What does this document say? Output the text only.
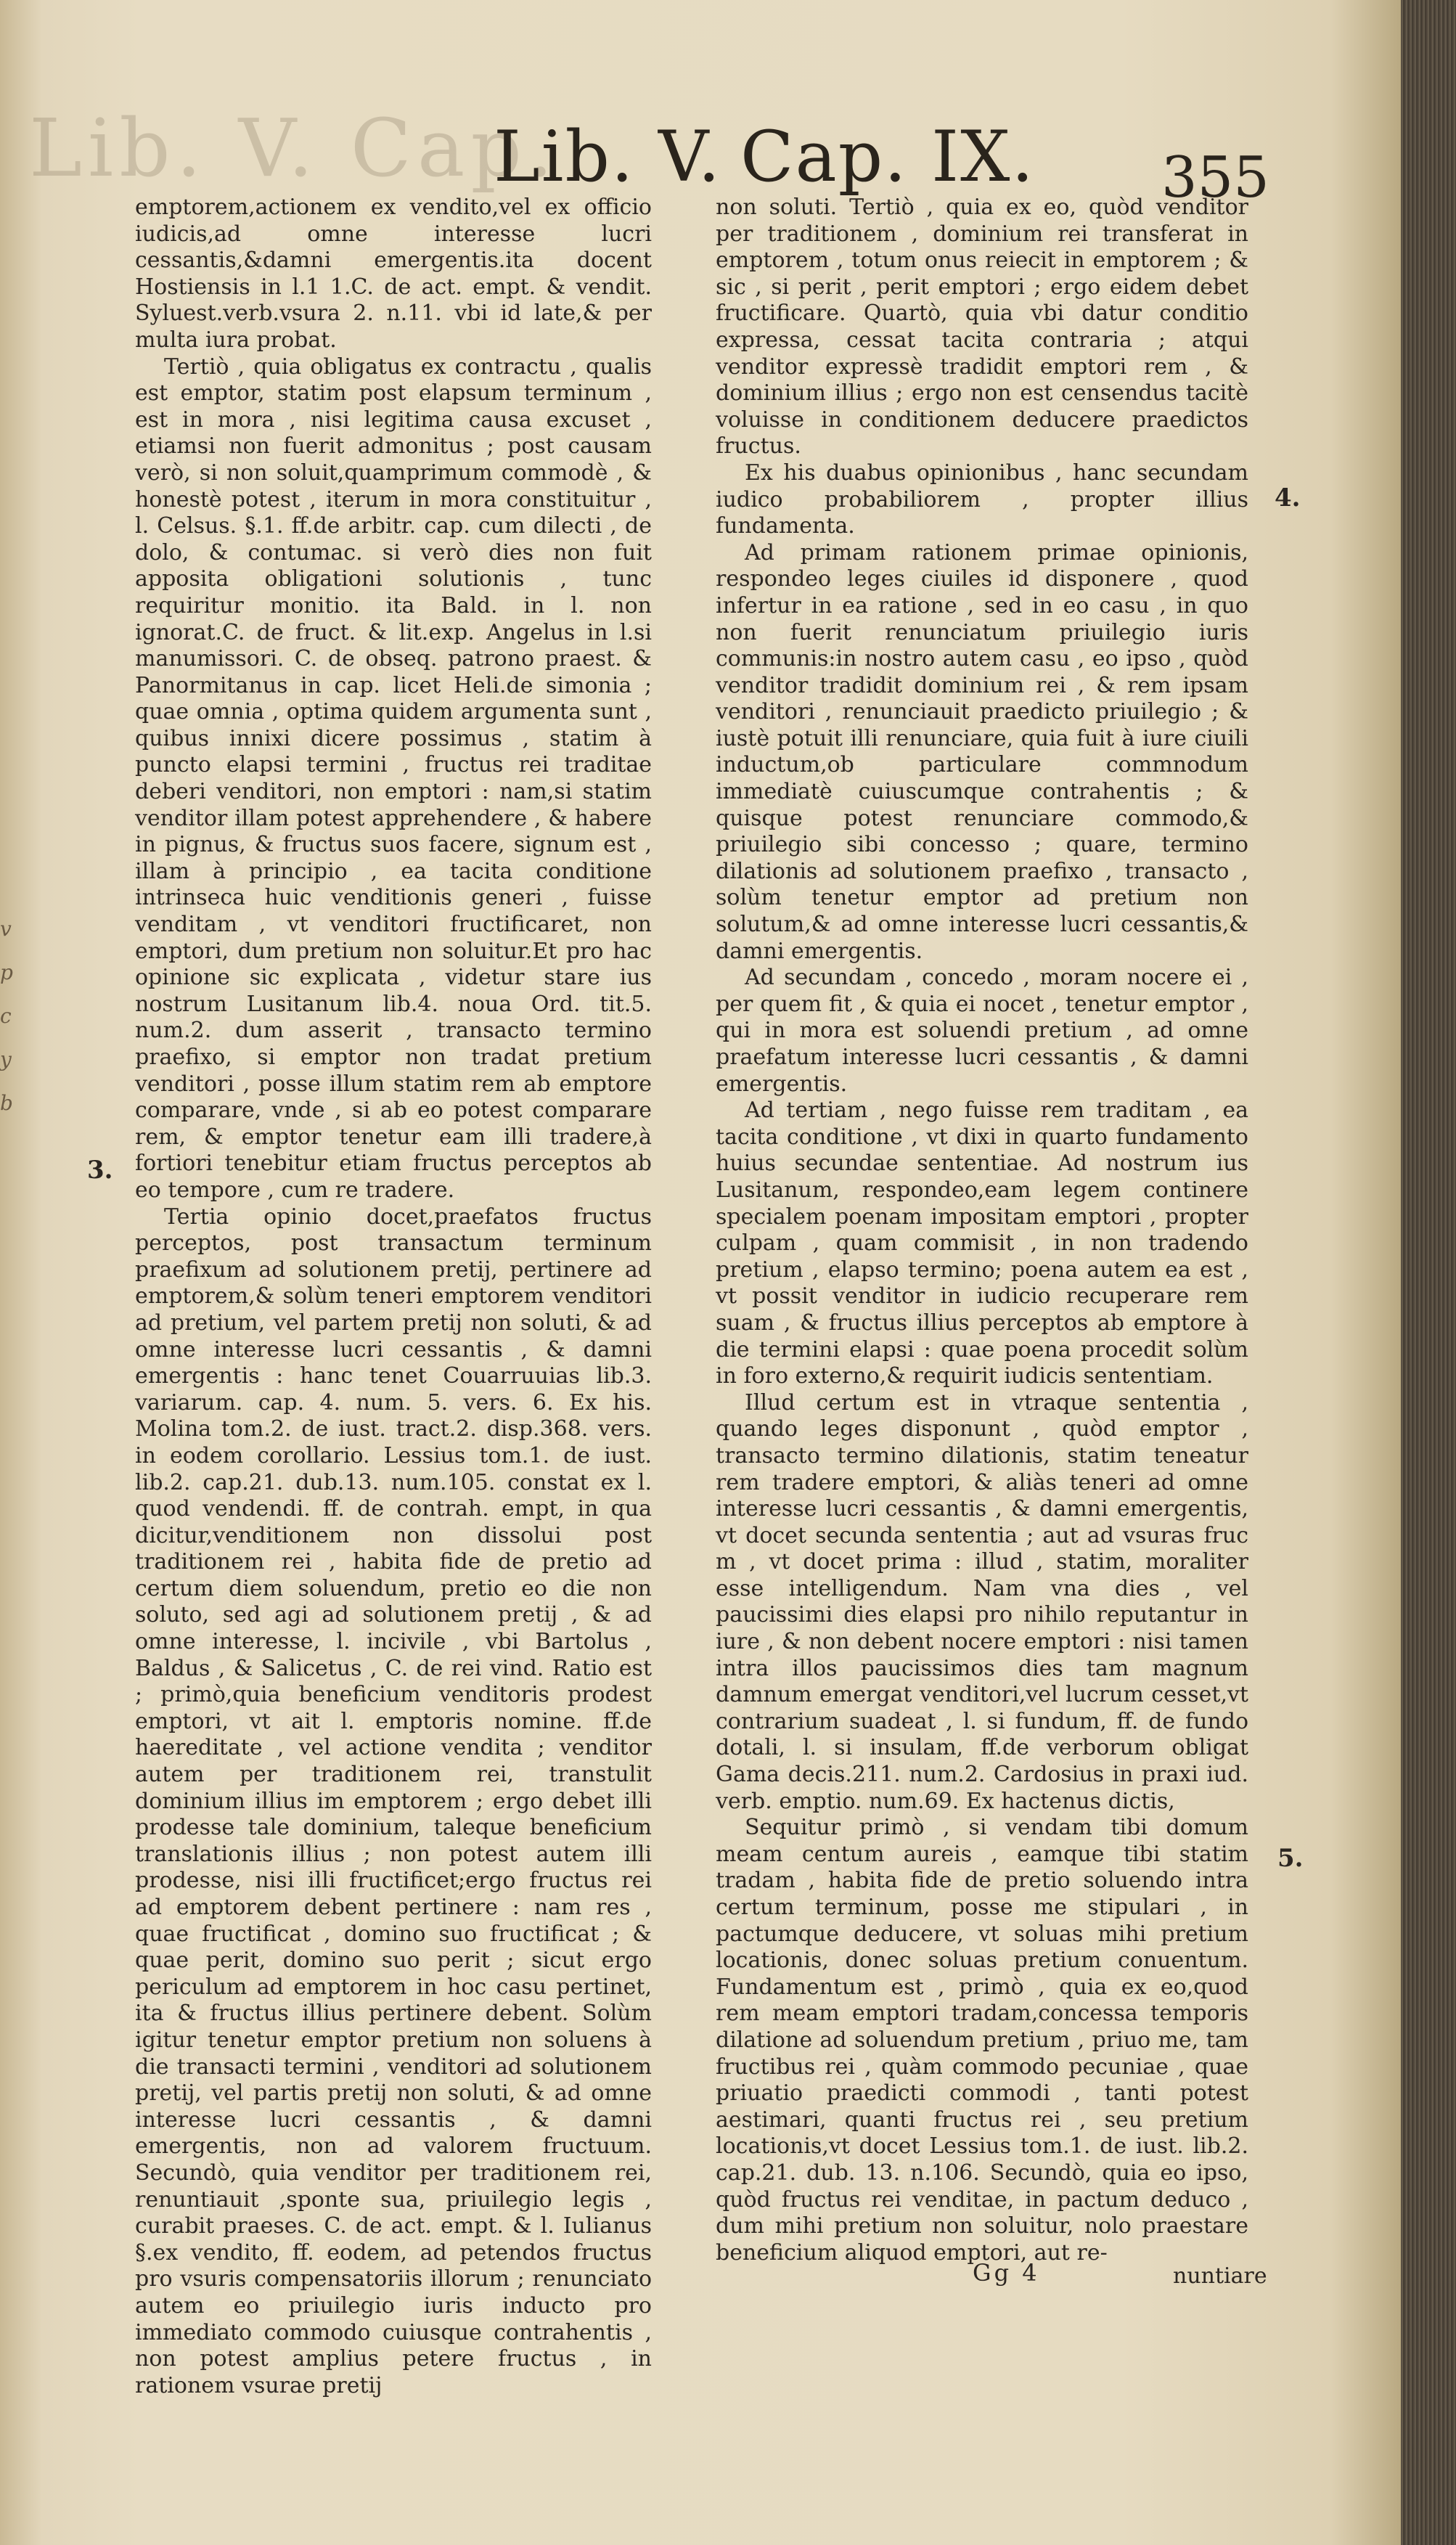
Lib. V. Cap.
v
p
c
y
b
Lib. V. Cap. IX. 355

emptorem,actionem ex vendito,vel ex officio iudicis,ad omne interesse lucri cessantis,&damni emergentis.ita docent Hostiensis in l.1 1.C. de act. empt. & vendit. Syluest.verb.vsura 2. n.11. vbi id late,& per multa iura probat.

Tertiò , quia obligatus ex contractu , qualis est emptor, statim post elapsum terminum , est in mora , nisi legitima causa excuset , etiamsi non fuerit admonitus ; post causam verò, si non soluit,quamprimum commodè , & honestè potest , iterum in mora constituitur , l. Celsus. §.1. ff.de arbitr. cap. cum dilecti , de dolo, & contumac. si verò dies non fuit apposita obligationi solutionis , tunc requiritur monitio. ita Bald. in l. non ignorat.C. de fruct. & lit.exp. Angelus in l.si manumissori. C. de obseq. patrono praest. & Panormitanus in cap. licet Heli.de simonia ; quae omnia , optima quidem argumenta sunt , quibus innixi dicere possimus , statim à puncto elapsi termini , fructus rei traditae deberi venditori, non emptori : nam,si statim venditor illam potest apprehendere , & habere in pignus, & fructus suos facere, signum est , illam à principio , ea tacita conditione intrinseca huic venditionis generi , fuisse venditam , vt venditori fructificaret, non emptori, dum pretium non soluitur.Et pro hac opinione sic explicata , videtur stare ius nostrum Lusitanum lib.4. noua Ord. tit.5. num.2. dum asserit , transacto termino praefixo, si emptor non tradat pretium venditori , posse illum statim rem ab emptore comparare, vnde , si ab eo potest comparare rem, & emptor tenetur eam illi tradere,à fortiori tenebitur etiam fructus perceptos ab eo tempore , cum re tradere.

Tertia opinio docet,praefatos fructus perceptos, post transactum terminum praefixum ad solutionem pretij, pertinere ad emptorem,& solùm teneri emptorem venditori ad pretium, vel partem pretij non soluti, & ad omne interesse lucri cessantis , & damni emergentis : hanc tenet Couarruuias lib.3. variarum. cap. 4. num. 5. vers. 6. Ex his. Molina tom.2. de iust. tract.2. disp.368. vers. in eodem corollario. Lessius tom.1. de iust. lib.2. cap.21. dub.13. num.105. constat ex l. quod vendendi. ff. de contrah. empt, in qua dicitur,venditionem non dissolui post traditionem rei , habita fide de pretio ad certum diem soluendum, pretio eo die non soluto, sed agi ad solutionem pretij , & ad omne interesse, l. incivile , vbi Bartolus , Baldus , & Salicetus , C. de rei vind. Ratio est ; primò,quia beneficium venditoris prodest emptori, vt ait l. emptoris nomine. ff.de haereditate , vel actione vendita ; venditor autem per traditionem rei, transtulit dominium illius im emptorem ; ergo debet illi prodesse tale dominium, taleque beneficium translationis illius ; non potest autem illi prodesse, nisi illi fructificet;ergo fructus rei ad emptorem debent pertinere : nam res , quae fructificat , domino suo fructificat ; & quae perit, domino suo perit ; sicut ergo periculum ad emptorem in hoc casu pertinet, ita & fructus illius pertinere debent. Solùm igitur tenetur emptor pretium non soluens à die transacti termini , venditori ad solutionem pretij, vel partis pretij non soluti, & ad omne interesse lucri cessantis , & damni emergentis, non ad valorem fructuum. Secundò, quia venditor per traditionem rei, renuntiauit ,sponte sua, priuilegio legis , curabit praeses. C. de act. empt. & l. Iulianus §.ex vendito, ff. eodem, ad petendos fructus pro vsuris compensatoriis illorum ; renunciato autem eo priuilegio iuris inducto pro immediato commodo cuiusque contrahentis , non potest amplius petere fructus , in rationem vsurae pretij

non soluti. Tertiò , quia ex eo, quòd venditor per traditionem , dominium rei transferat in emptorem , totum onus reiecit in emptorem ; & sic , si perit , perit emptori ; ergo eidem debet fructificare. Quartò, quia vbi datur conditio expressa, cessat tacita contraria ; atqui venditor expressè tradidit emptori rem , & dominium illius ; ergo non est censendus tacitè voluisse in conditionem deducere praedictos fructus.

Ex his duabus opinionibus , hanc secundam iudico probabiliorem , propter illius fundamenta.

Ad primam rationem primae opinionis, respondeo leges ciuiles id disponere , quod infertur in ea ratione , sed in eo casu , in quo non fuerit renunciatum priuilegio iuris communis:in nostro autem casu , eo ipso , quòd venditor tradidit dominium rei , & rem ipsam venditori , renunciauit praedicto priuilegio ; & iustè potuit illi renunciare, quia fuit à iure ciuili inductum,ob particulare commnodum immediatè cuiuscumque contrahentis ; & quisque potest renunciare commodo,& priuilegio sibi concesso ; quare, termino dilationis ad solutionem praefixo , transacto , solùm tenetur emptor ad pretium non solutum,& ad omne interesse lucri cessantis,& damni emergentis.

Ad secundam , concedo , moram nocere ei , per quem fit , & quia ei nocet , tenetur emptor , qui in mora est soluendi pretium , ad omne praefatum interesse lucri cessantis , & damni emergentis.

Ad tertiam , nego fuisse rem traditam , ea tacita conditione , vt dixi in quarto fundamento huius secundae sententiae. Ad nostrum ius Lusitanum, respondeo,eam legem continere specialem poenam impositam emptori , propter culpam , quam commisit , in non tradendo pretium , elapso termino; poena autem ea est , vt possit venditor in iudicio recuperare rem suam , & fructus illius perceptos ab emptore à die termini elapsi : quae poena procedit solùm in foro externo,& requirit iudicis sententiam.

Illud certum est in vtraque sententia , quando leges disponunt , quòd emptor , transacto termino dilationis, statim teneatur rem tradere emptori, & aliàs teneri ad omne interesse lucri cessantis , & damni emergentis, vt docet secunda sententia ; aut ad vsuras fruc m , vt docet prima : illud , statim, moraliter esse intelligendum. Nam vna dies , vel paucissimi dies elapsi pro nihilo reputantur in iure , & non debent nocere emptori : nisi tamen intra illos paucissimos dies tam magnum damnum emergat venditori,vel lucrum cesset,vt contrarium suadeat , l. si fundum, ff. de fundo dotali, l. si insulam, ff.de verborum obligat Gama decis.211. num.2. Cardosius in praxi iud. verb. emptio. num.69. Ex hactenus dictis,

Sequitur primò , si vendam tibi domum meam centum aureis , eamque tibi statim tradam , habita fide de pretio soluendo intra certum terminum, posse me stipulari , in pactumque deducere, vt soluas mihi pretium locationis, donec soluas pretium conuentum. Fundamentum est , primò , quia ex eo,quod rem meam emptori tradam,concessa temporis dilatione ad soluendum pretium , priuo me, tam fructibus rei , quàm commodo pecuniae , quae priuatio praedicti commodi , tanti potest aestimari, quanti fructus rei , seu pretium locationis,vt docet Lessius tom.1. de iust. lib.2. cap.21. dub. 13. n.106. Secundò, quia eo ipso, quòd fructus rei venditae, in pactum deduco , dum mihi pretium non soluitur, nolo praestare beneficium aliquod emptori, aut re-

4.
3.
5.
Gg 4	nuntiare
